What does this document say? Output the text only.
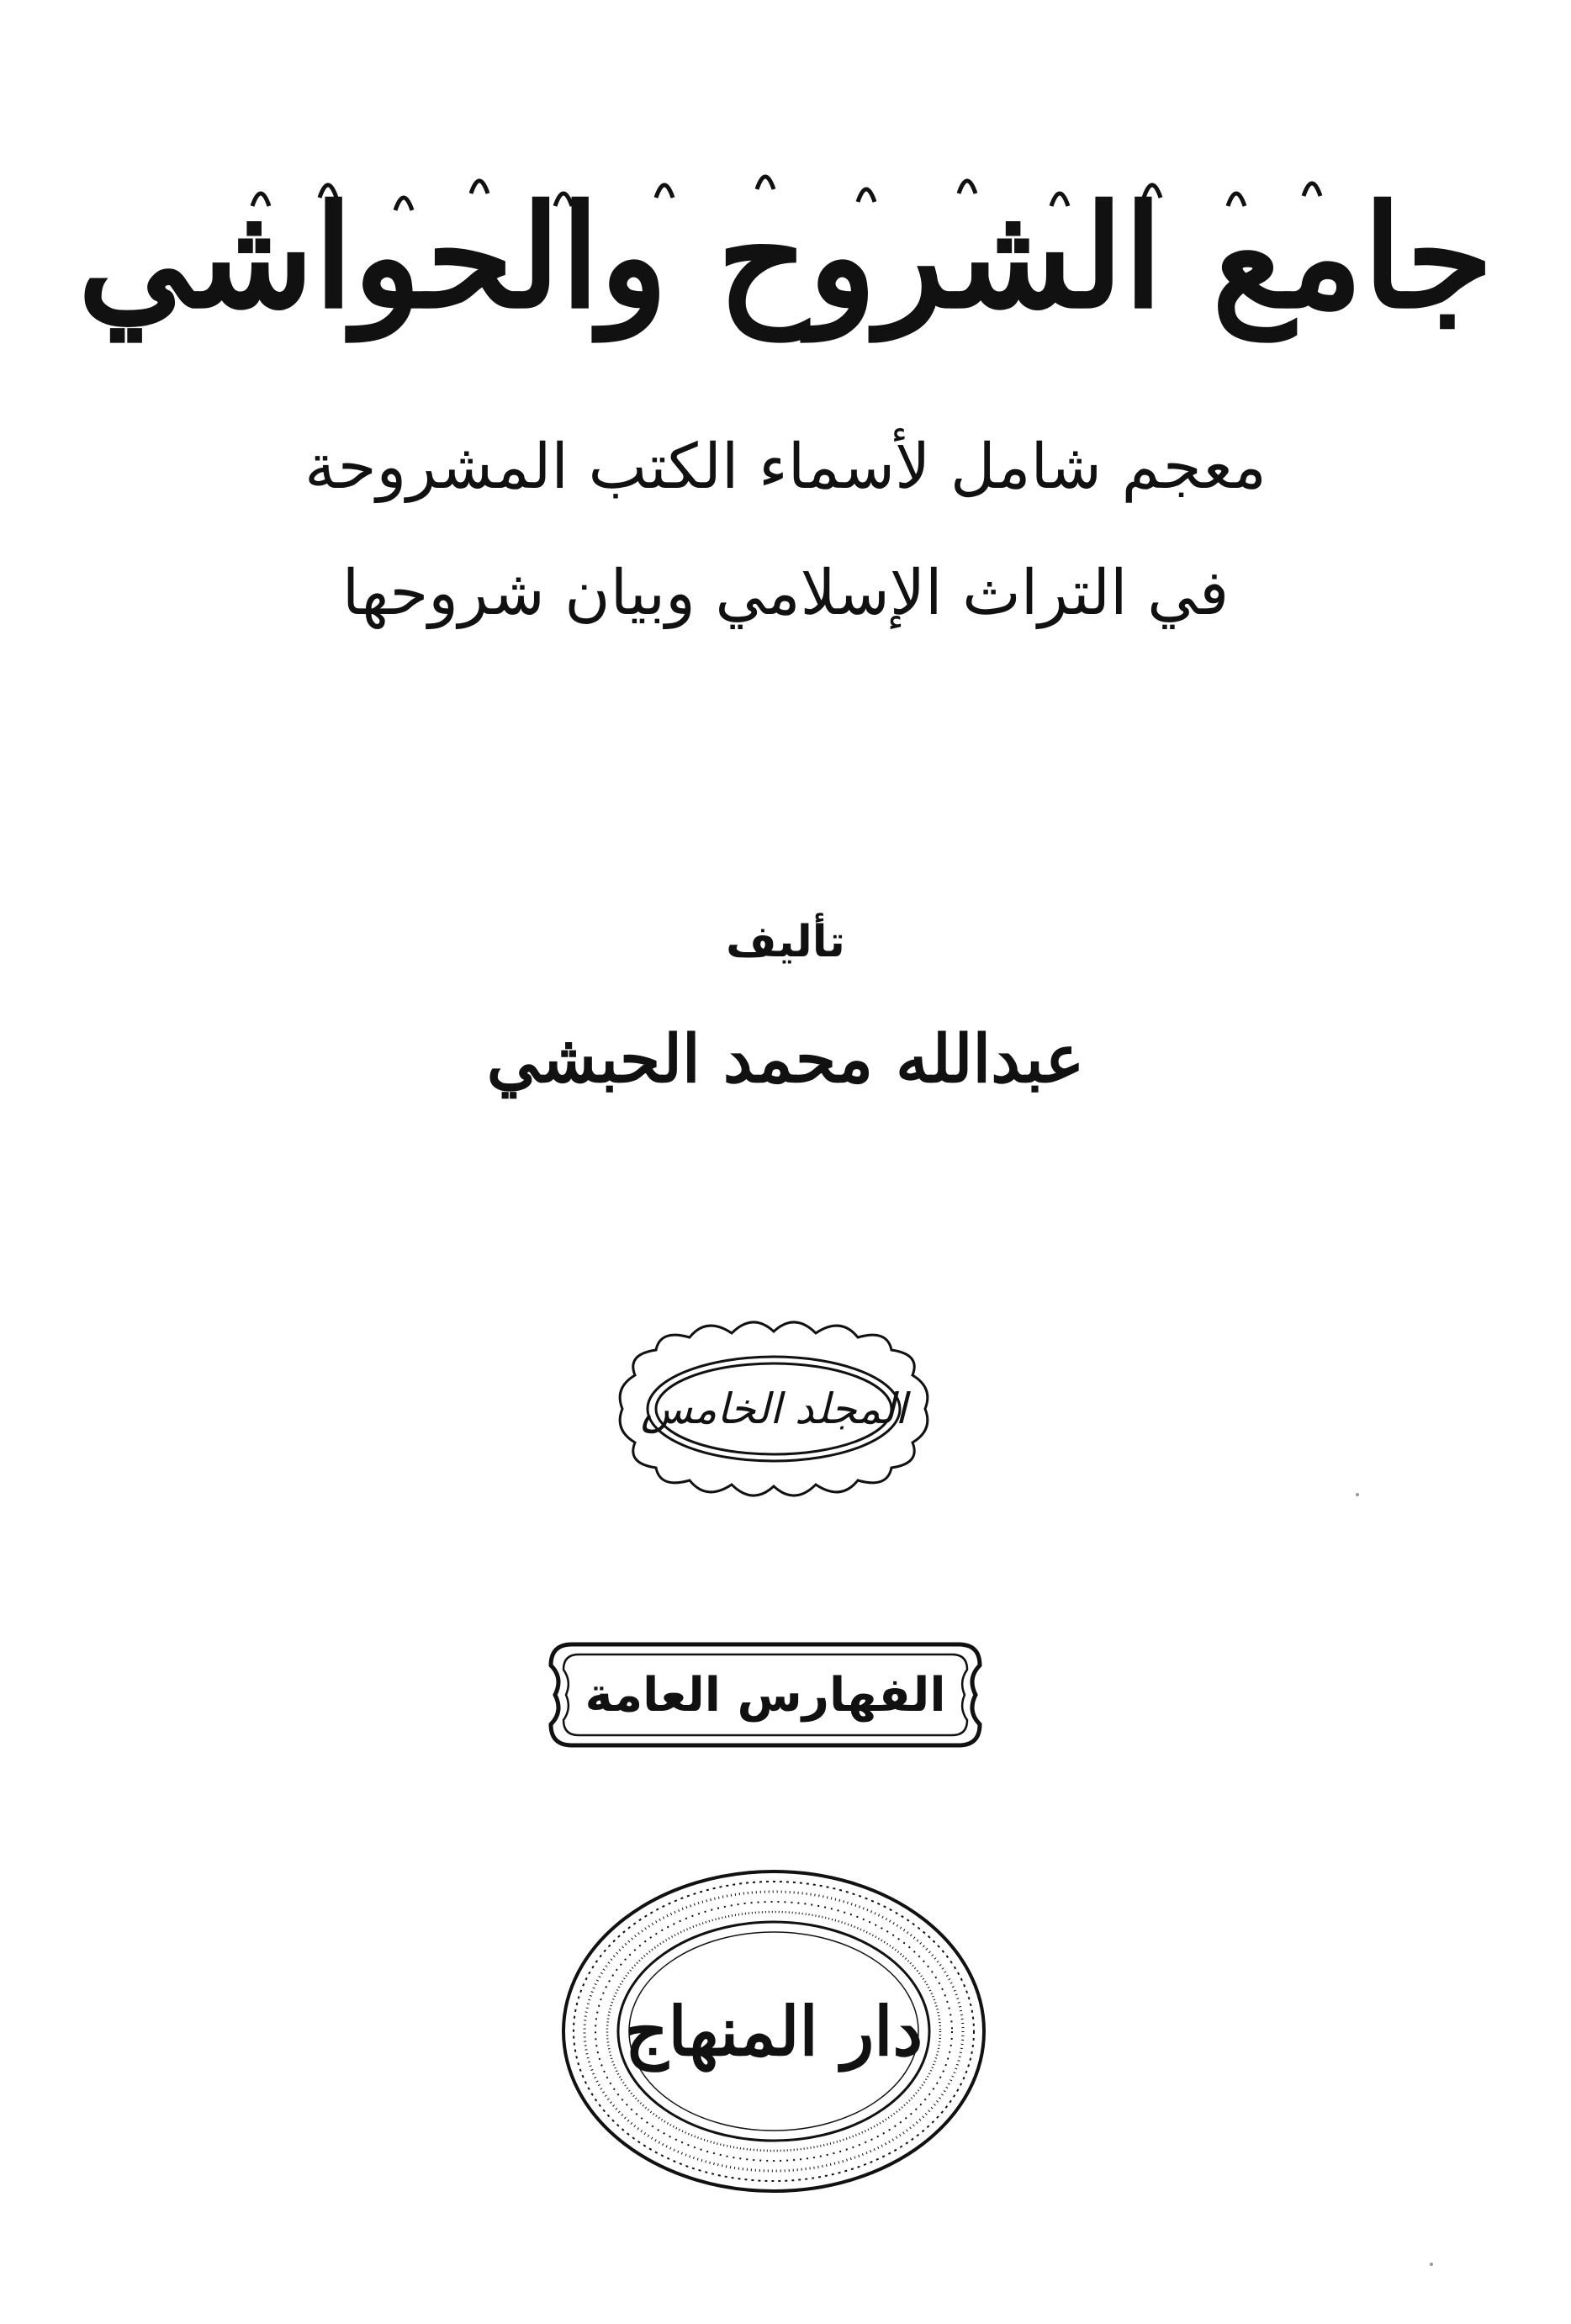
جامع الشروح والحواشي
معجم شامل لأسماء الكتب المشروحة
في التراث الإسلامي وبيان شروحها
تأليف
عبدالله محمد الحبشي
المجلد الخامس
الفهارس العامة
دار المنهاج
